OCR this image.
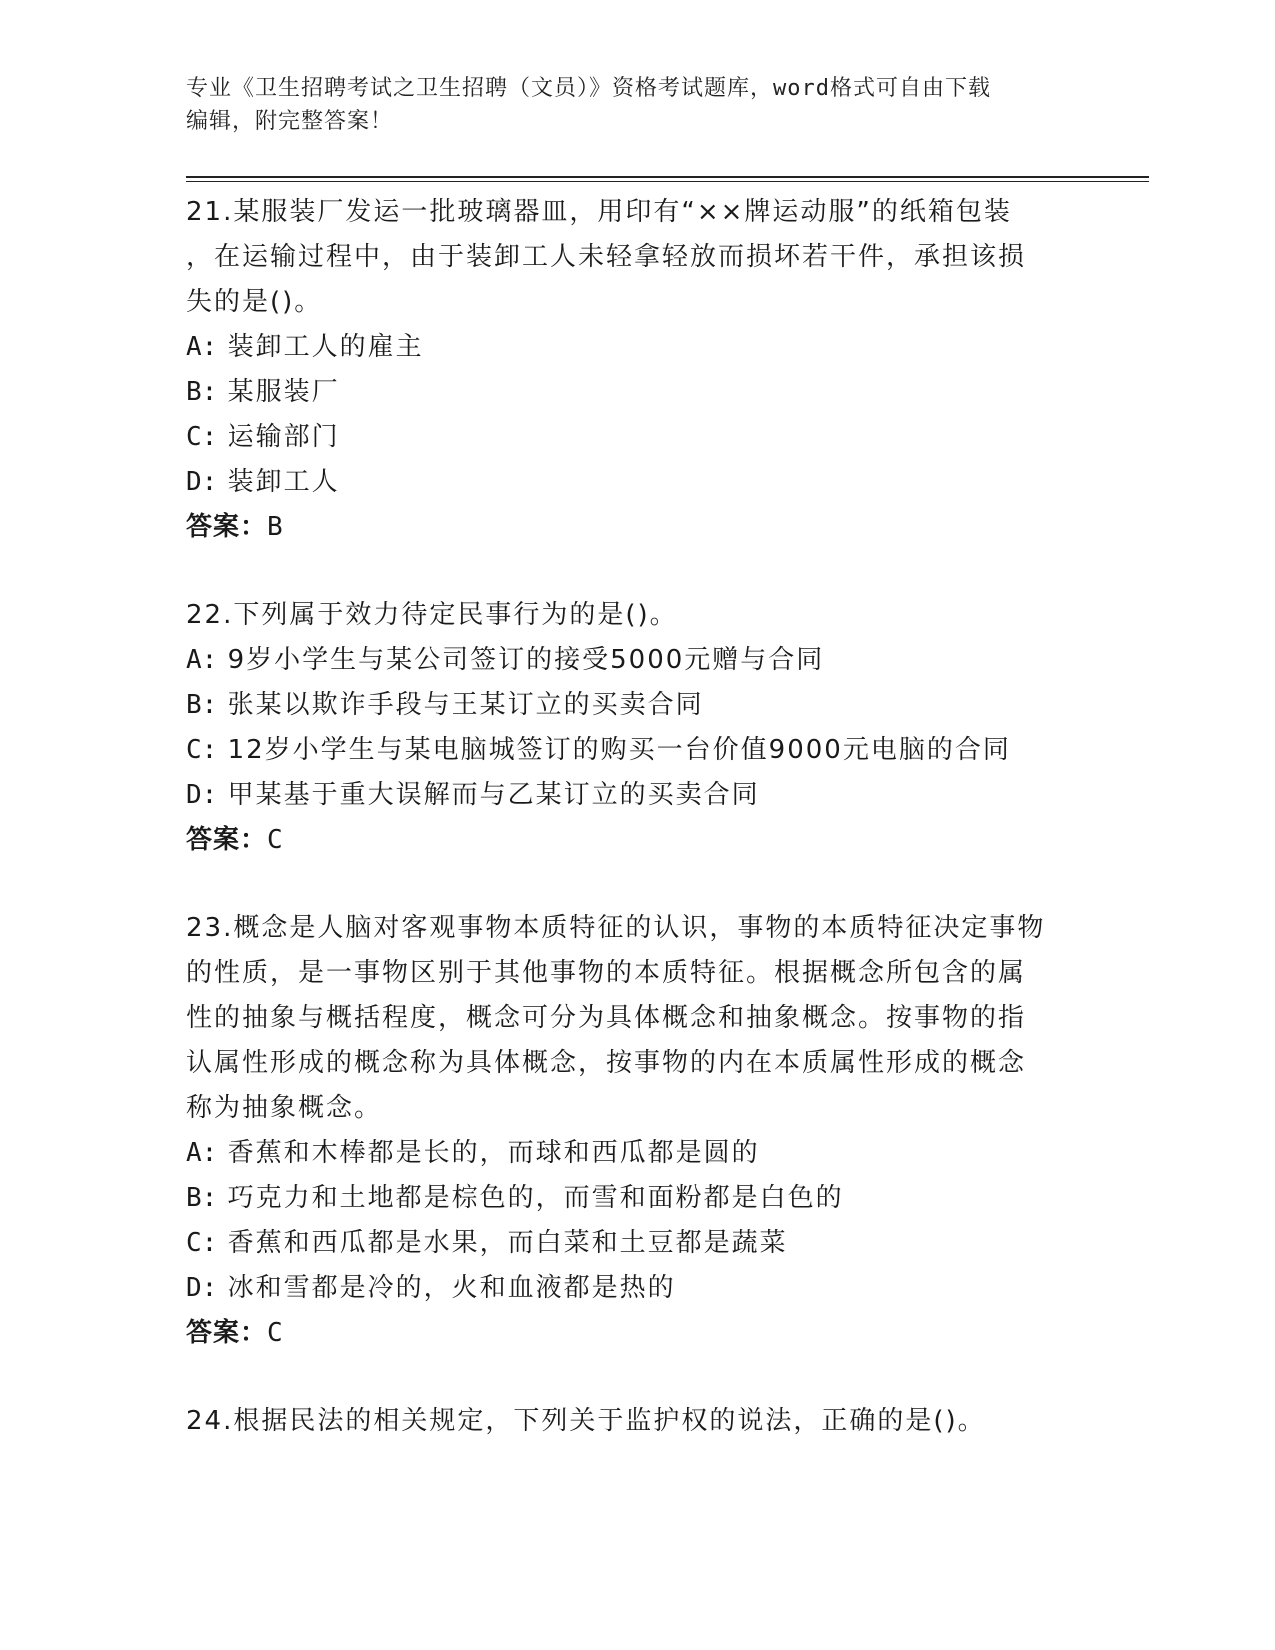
专业《卫生招聘考试之卫生招聘（文员）》资格考试题库，word格式可自由下载
编辑，附完整答案！
21.某服装厂发运一批玻璃器皿，用印有“××牌运动服”的纸箱包装
，在运输过程中，由于装卸工人未轻拿轻放而损坏若干件，承担该损
失的是()。
A: 装卸工人的雇主
B: 某服装厂
C: 运输部门
D: 装卸工人
答案：B
22.下列属于效力待定民事行为的是()。
A: 9岁小学生与某公司签订的接受5000元赠与合同
B: 张某以欺诈手段与王某订立的买卖合同
C: 12岁小学生与某电脑城签订的购买一台价值9000元电脑的合同
D: 甲某基于重大误解而与乙某订立的买卖合同
答案：C
23.概念是人脑对客观事物本质特征的认识，事物的本质特征决定事物
的性质，是一事物区别于其他事物的本质特征。根据概念所包含的属
性的抽象与概括程度，概念可分为具体概念和抽象概念。按事物的指
认属性形成的概念称为具体概念，按事物的内在本质属性形成的概念
称为抽象概念。
A: 香蕉和木棒都是长的，而球和西瓜都是圆的
B: 巧克力和土地都是棕色的，而雪和面粉都是白色的
C: 香蕉和西瓜都是水果，而白菜和土豆都是蔬菜
D: 冰和雪都是冷的，火和血液都是热的
答案：C
24.根据民法的相关规定，下列关于监护权的说法，正确的是()。
